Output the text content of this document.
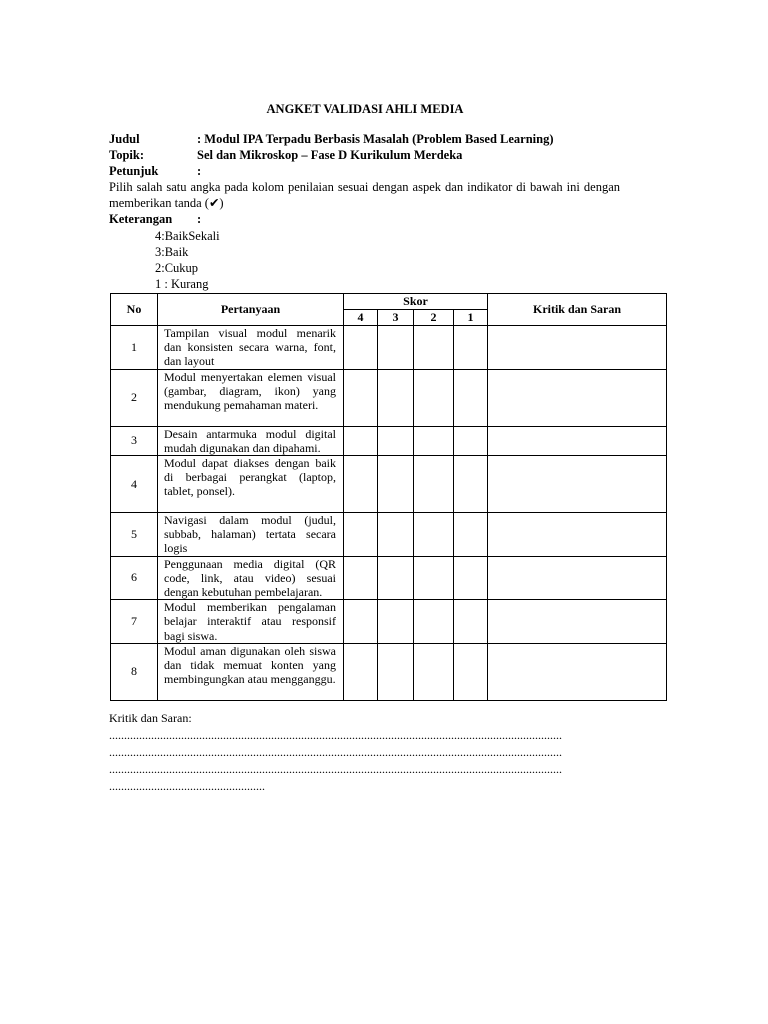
ANGKET VALIDASI AHLI MEDIA
Judul	: Modul IPA Terpadu Berbasis Masalah (Problem Based Learning)
Topik:	Sel dan Mikroskop – Fase D Kurikulum Merdeka
Petunjuk	:
Pilih salah satu angka pada kolom penilaian sesuai dengan aspek dan indikator di bawah ini dengan memberikan tanda (✔)
Keterangan :
4:BaikSekali
3:Baik
2:Cukup
1 : Kurang
No	Pertanyaan	Skor				Kritik dan Saran
		4	3	2	1	
1	Tampilan visual modul menarik dan konsisten secara warna, font, dan layout					
2	Modul menyertakan elemen visual (gambar, diagram, ikon) yang mendukung pemahaman materi.					
3	Desain antarmuka modul digital mudah digunakan dan dipahami.					
4	Modul dapat diakses dengan baik di berbagai perangkat (laptop, tablet, ponsel).					
5	Navigasi dalam modul (judul, subbab, halaman) tertata secara logis					
6	Penggunaan media digital (QR code, link, atau video) sesuai dengan kebutuhan pembelajaran.					
7	Modul memberikan pengalaman belajar interaktif atau responsif bagi siswa.					
8	Modul aman digunakan oleh siswa dan tidak memuat konten yang membingungkan atau mengganggu.					
Kritik dan Saran:
.......................................................................................................................................................
.......................................................................................................................................................
.......................................................................................................................................................
....................................................
